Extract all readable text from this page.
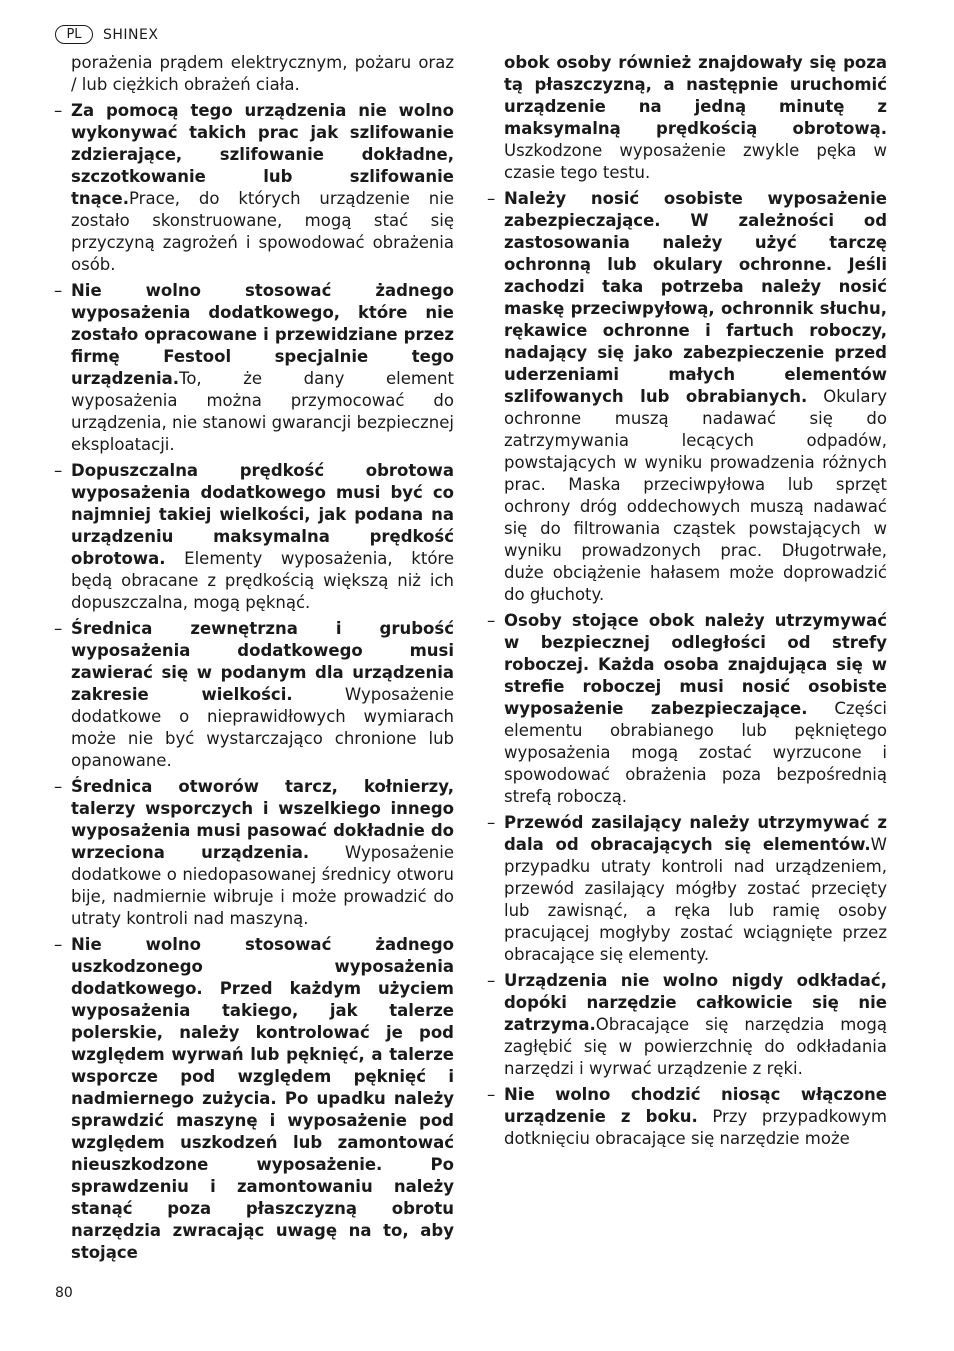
PL	SHINEX

porażenia prądem elektrycznym, pożaru oraz / lub ciężkich obrażeń ciała.

– Za pomocą tego urządzenia nie wolno wykonywać takich prac jak szlifowanie zdzierające, szlifowanie dokładne, szczotkowanie lub szlifowanie tnące.Prace, do których urządzenie nie zostało skonstruowane, mogą stać się przyczyną zagrożeń i spowodować obrażenia osób.
– Nie wolno stosować żadnego wyposażenia dodatkowego, które nie zostało opracowane i przewidziane przez firmę Festool specjalnie tego urządzenia.To, że dany element wyposażenia można przymocować do urządzenia, nie stanowi gwarancji bezpiecznej eksploatacji.
– Dopuszczalna prędkość obrotowa wyposażenia dodatkowego musi być co najmniej takiej wielkości, jak podana na urządzeniu maksymalna prędkość obrotowa. Elementy wyposażenia, które będą obracane z prędkością większą niż ich dopuszczalna, mogą pęknąć.
– Średnica zewnętrzna i grubość wyposażenia dodatkowego musi zawierać się w podanym dla urządzenia zakresie wielkości. Wyposażenie dodatkowe o nieprawidłowych wymiarach może nie być wystarczająco chronione lub opanowane.
– Średnica otworów tarcz, kołnierzy, talerzy wsporczych i wszelkiego innego wyposażenia musi pasować dokładnie do wrzeciona urządzenia. Wyposażenie dodatkowe o niedopasowanej średnicy otworu bije, nadmiernie wibruje i może prowadzić do utraty kontroli nad maszyną.
– Nie wolno stosować żadnego uszkodzonego wyposażenia dodatkowego. Przed każdym użyciem wyposażenia takiego, jak talerze polerskie, należy kontrolować je pod względem wyrwań lub pęknięć, a talerze wsporcze pod względem pęknięć i nadmiernego zużycia. Po upadku należy sprawdzić maszynę i wyposażenie pod względem uszkodzeń lub zamontować nieuszkodzone wyposażenie. Po sprawdzeniu i zamontowaniu należy stanąć poza płaszczyzną obrotu narzędzia zwracając uwagę na to, aby stojące

obok osoby również znajdowały się poza tą płaszczyzną, a następnie uruchomić urządzenie na jedną minutę z maksymalną prędkością obrotową. Uszkodzone wyposażenie zwykle pęka w czasie tego testu.

– Należy nosić osobiste wyposażenie zabezpieczające. W zależności od zastosowania należy użyć tarczę ochronną lub okulary ochronne. Jeśli zachodzi taka potrzeba należy nosić maskę przeciwpyłową, ochronnik słuchu, rękawice ochronne i fartuch roboczy, nadający się jako zabezpieczenie przed uderzeniami małych elementów szlifowanych lub obrabianych. Okulary ochronne muszą nadawać się do zatrzymywania lecących odpadów, powstających w wyniku prowadzenia różnych prac. Maska przeciwpyłowa lub sprzęt ochrony dróg oddechowych muszą nadawać się do filtrowania cząstek powstających w wyniku prowadzonych prac. Długotrwałe, duże obciążenie hałasem może doprowadzić do głuchoty.
– Osoby stojące obok należy utrzymywać w bezpiecznej odległości od strefy roboczej. Każda osoba znajdująca się w strefie roboczej musi nosić osobiste wyposażenie zabezpieczające. Części elementu obrabianego lub pękniętego wyposażenia mogą zostać wyrzucone i spowodować obrażenia poza bezpośrednią strefą roboczą.
– Przewód zasilający należy utrzymywać z dala od obracających się elementów.W przypadku utraty kontroli nad urządzeniem, przewód zasilający mógłby zostać przecięty lub zawisnąć, a ręka lub ramię osoby pracującej mogłyby zostać wciągnięte przez obracające się elementy.
– Urządzenia nie wolno nigdy odkładać, dopóki narzędzie całkowicie się nie zatrzyma.Obracające się narzędzia mogą zagłębić się w powierzchnię do odkładania narzędzi i wyrwać urządzenie z ręki.
– Nie wolno chodzić niosąc włączone urządzenie z boku. Przy przypadkowym dotknięciu obracające się narzędzie może
80
